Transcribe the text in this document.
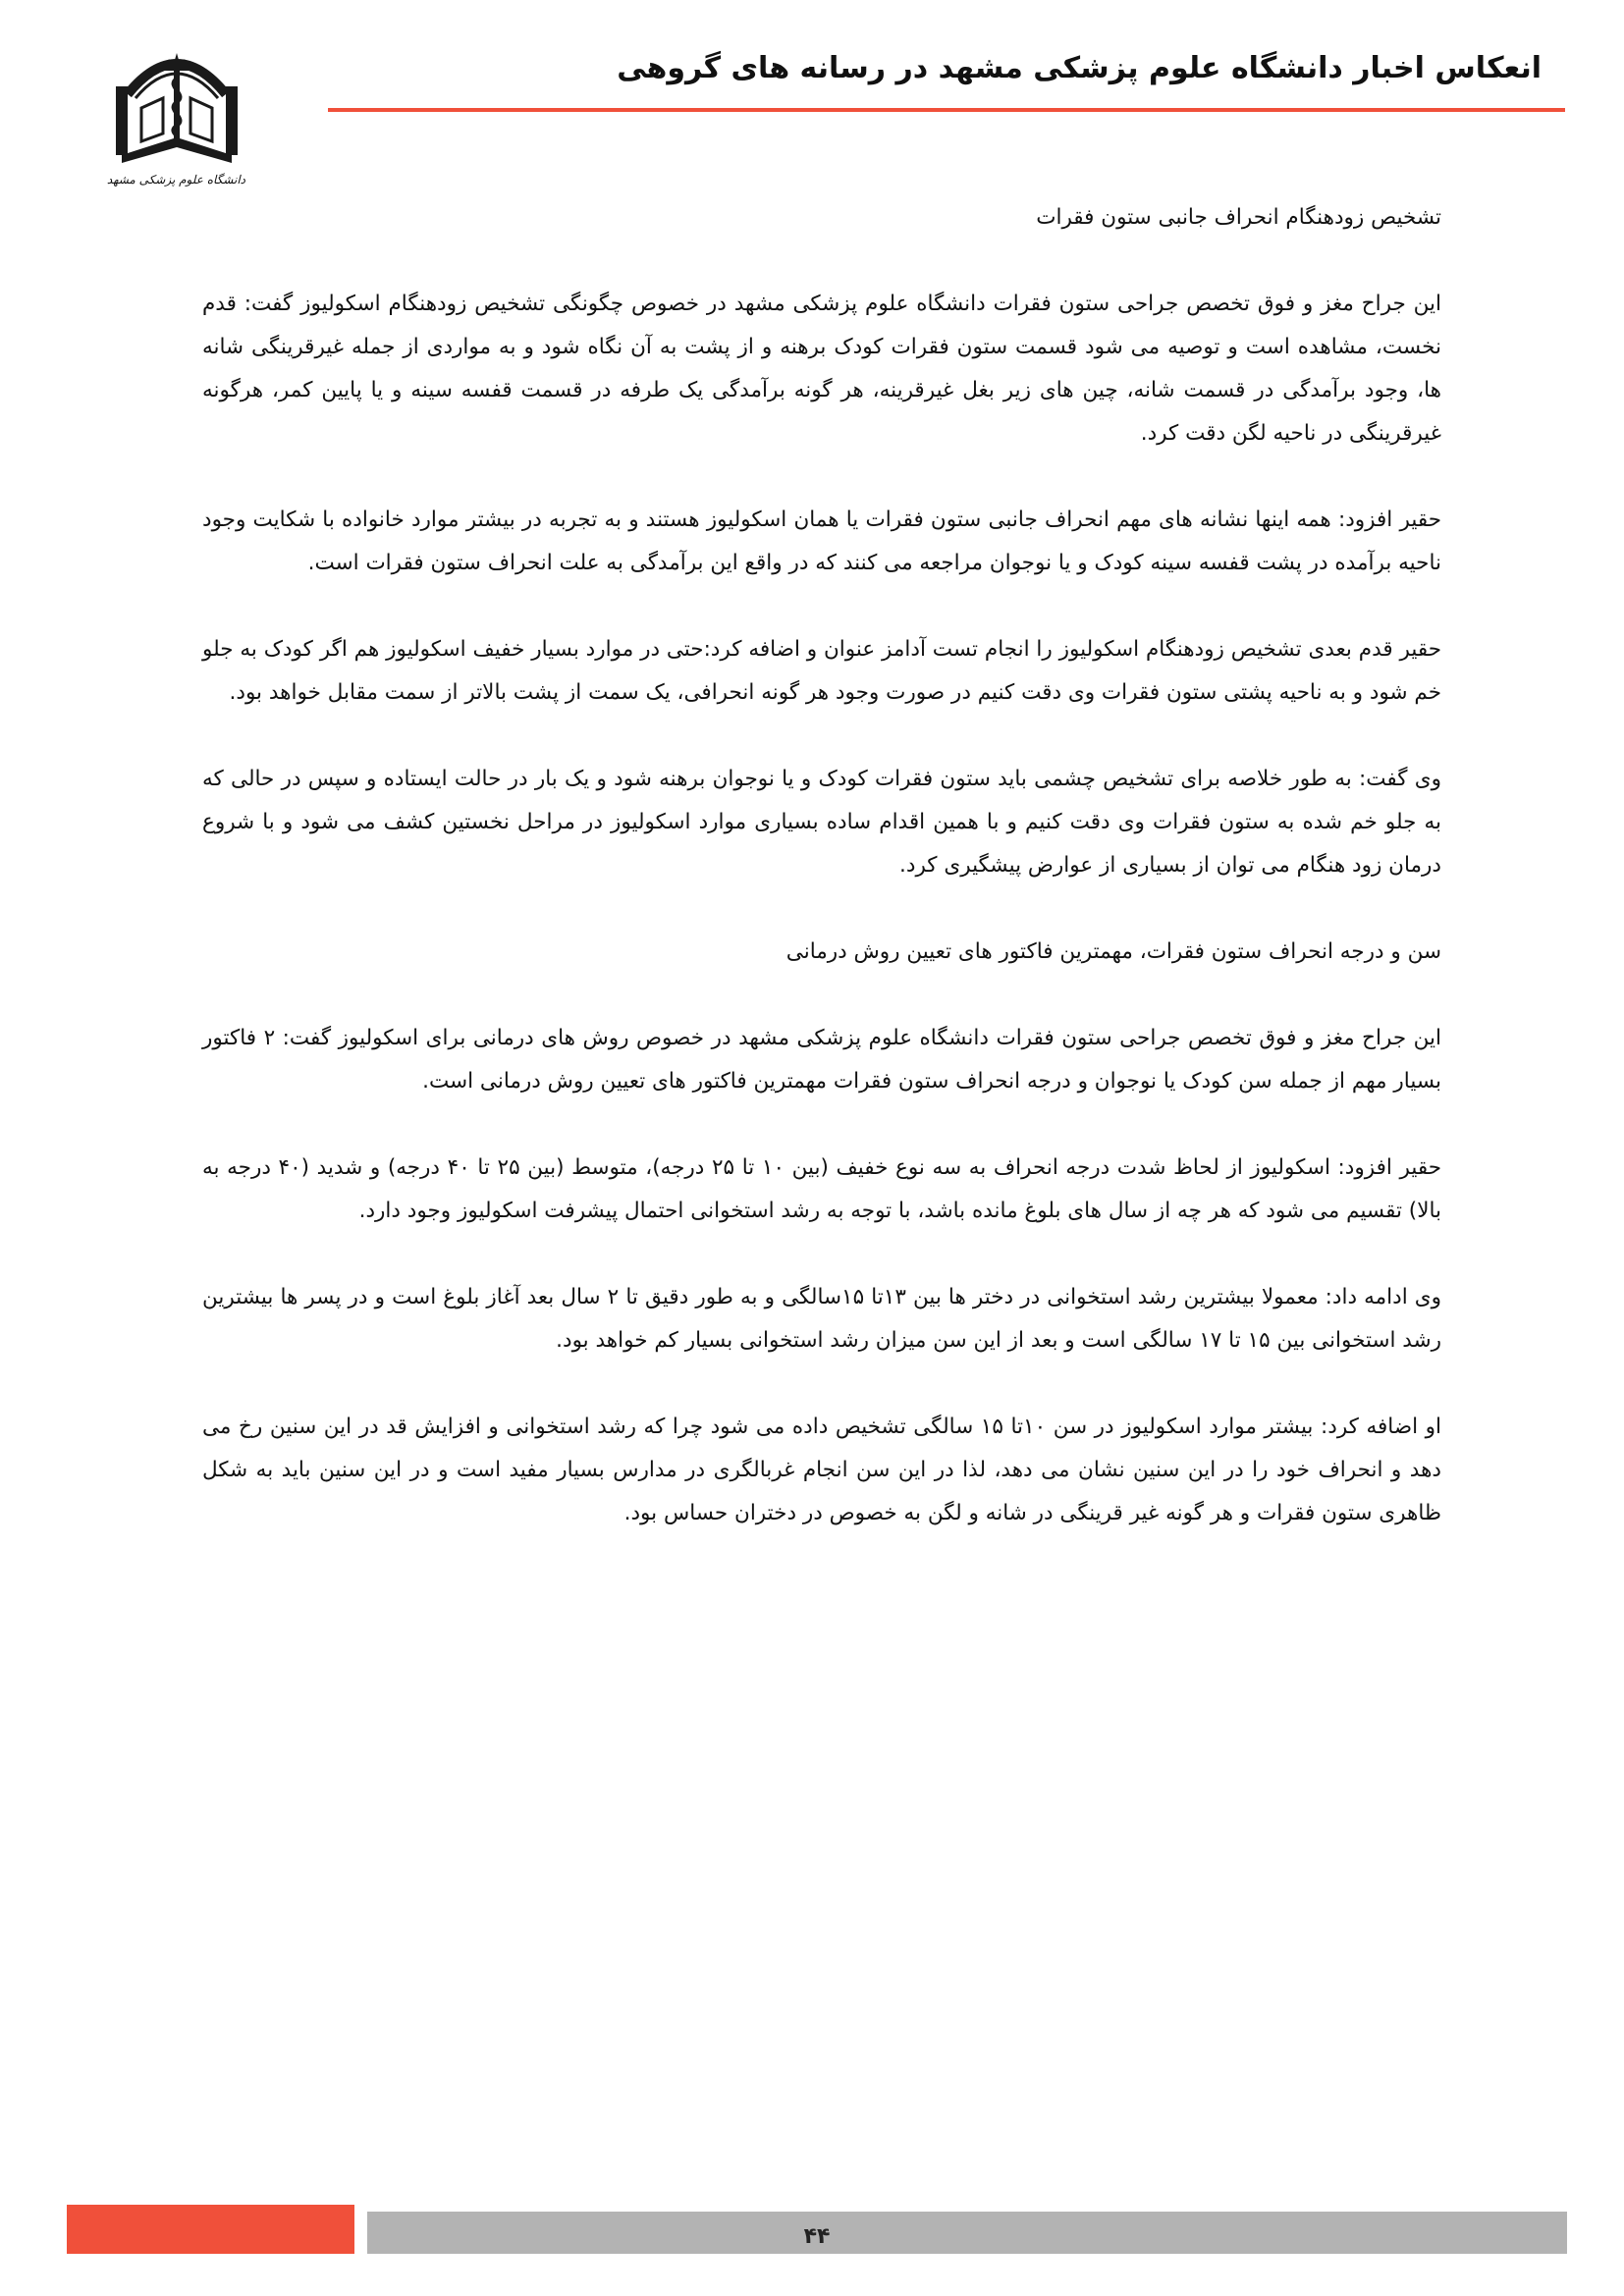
انعکاس اخبار دانشگاه علوم پزشکی مشهد در رسانه های گروهی
دانشگاه علوم پزشکی مشهد

تشخیص زودهنگام انحراف جانبی ستون فقرات

این جراح مغز و فوق تخصص جراحی ستون فقرات دانشگاه علوم پزشکی مشهد در خصوص چگونگی تشخیص زودهنگام اسکولیوز گفت: قدم نخست، مشاهده است و توصیه می شود قسمت ستون فقرات کودک برهنه و از پشت به آن نگاه شود و به مواردی از جمله غیرقرینگی شانه ها، وجود برآمدگی در قسمت شانه، چین های زیر بغل غیرقرینه، هر گونه برآمدگی یک طرفه در قسمت قفسه سینه و یا پایین کمر، هرگونه غیرقرینگی در ناحیه لگن دقت کرد.

حقیر افزود: همه اینها نشانه های مهم انحراف جانبی ستون فقرات یا همان اسکولیوز هستند و به تجربه در بیشتر موارد خانواده با شکایت وجود ناحیه برآمده در پشت قفسه سینه کودک و یا نوجوان مراجعه می کنند که در واقع این برآمدگی به علت انحراف ستون فقرات است.

حقیر قدم بعدی تشخیص زودهنگام اسکولیوز را انجام تست آدامز عنوان و اضافه کرد:حتی در موارد بسیار خفیف اسکولیوز هم اگر کودک به جلو خم شود و به ناحیه پشتی ستون فقرات وی دقت کنیم در صورت وجود هر گونه انحرافی، یک سمت از پشت بالاتر از سمت مقابل خواهد بود.

وی گفت: به طور خلاصه برای تشخیص چشمی باید ستون فقرات کودک و یا نوجوان برهنه شود و یک بار در حالت ایستاده و سپس در حالی که به جلو خم شده به ستون فقرات وی دقت کنیم و با همین اقدام ساده بسیاری موارد اسکولیوز در مراحل نخستین کشف می شود و با شروع درمان زود هنگام می توان از بسیاری از عوارض پیشگیری کرد.

سن و درجه انحراف ستون فقرات، مهمترین فاکتور های تعیین روش درمانی

این جراح مغز و فوق تخصص جراحی ستون فقرات دانشگاه علوم پزشکی مشهد در خصوص روش های درمانی برای اسکولیوز گفت: ۲ فاکتور بسیار مهم از جمله سن کودک یا نوجوان و درجه انحراف ستون فقرات مهمترین فاکتور های تعیین روش درمانی است.

حقیر افزود: اسکولیوز از لحاظ شدت درجه انحراف به سه نوع خفیف (بین ۱۰ تا ۲۵ درجه)، متوسط (بین ۲۵ تا ۴۰ درجه) و شدید (۴۰ درجه به بالا) تقسیم می شود که هر چه از سال های بلوغ مانده باشد، با توجه به رشد استخوانی احتمال پیشرفت اسکولیوز وجود دارد.

وی ادامه داد: معمولا بیشترین رشد استخوانی در دختر ها بین ۱۳تا ۱۵سالگی و به طور دقیق تا ۲ سال بعد آغاز بلوغ است و در پسر ها بیشترین رشد استخوانی بین ۱۵ تا ۱۷ سالگی است و بعد از این سن میزان رشد استخوانی بسیار کم خواهد بود.

او اضافه کرد: بیشتر موارد اسکولیوز در سن ۱۰تا ۱۵ سالگی تشخیص داده می شود چرا که رشد استخوانی و افزایش قد در این سنین رخ می دهد و انحراف خود را در این سنین نشان می دهد، لذا در این سن انجام غربالگری در مدارس بسیار مفید است و در این سنین باید به شکل ظاهری ستون فقرات و هر گونه غیر قرینگی در شانه و لگن به خصوص در دختران حساس بود.

۴۴
